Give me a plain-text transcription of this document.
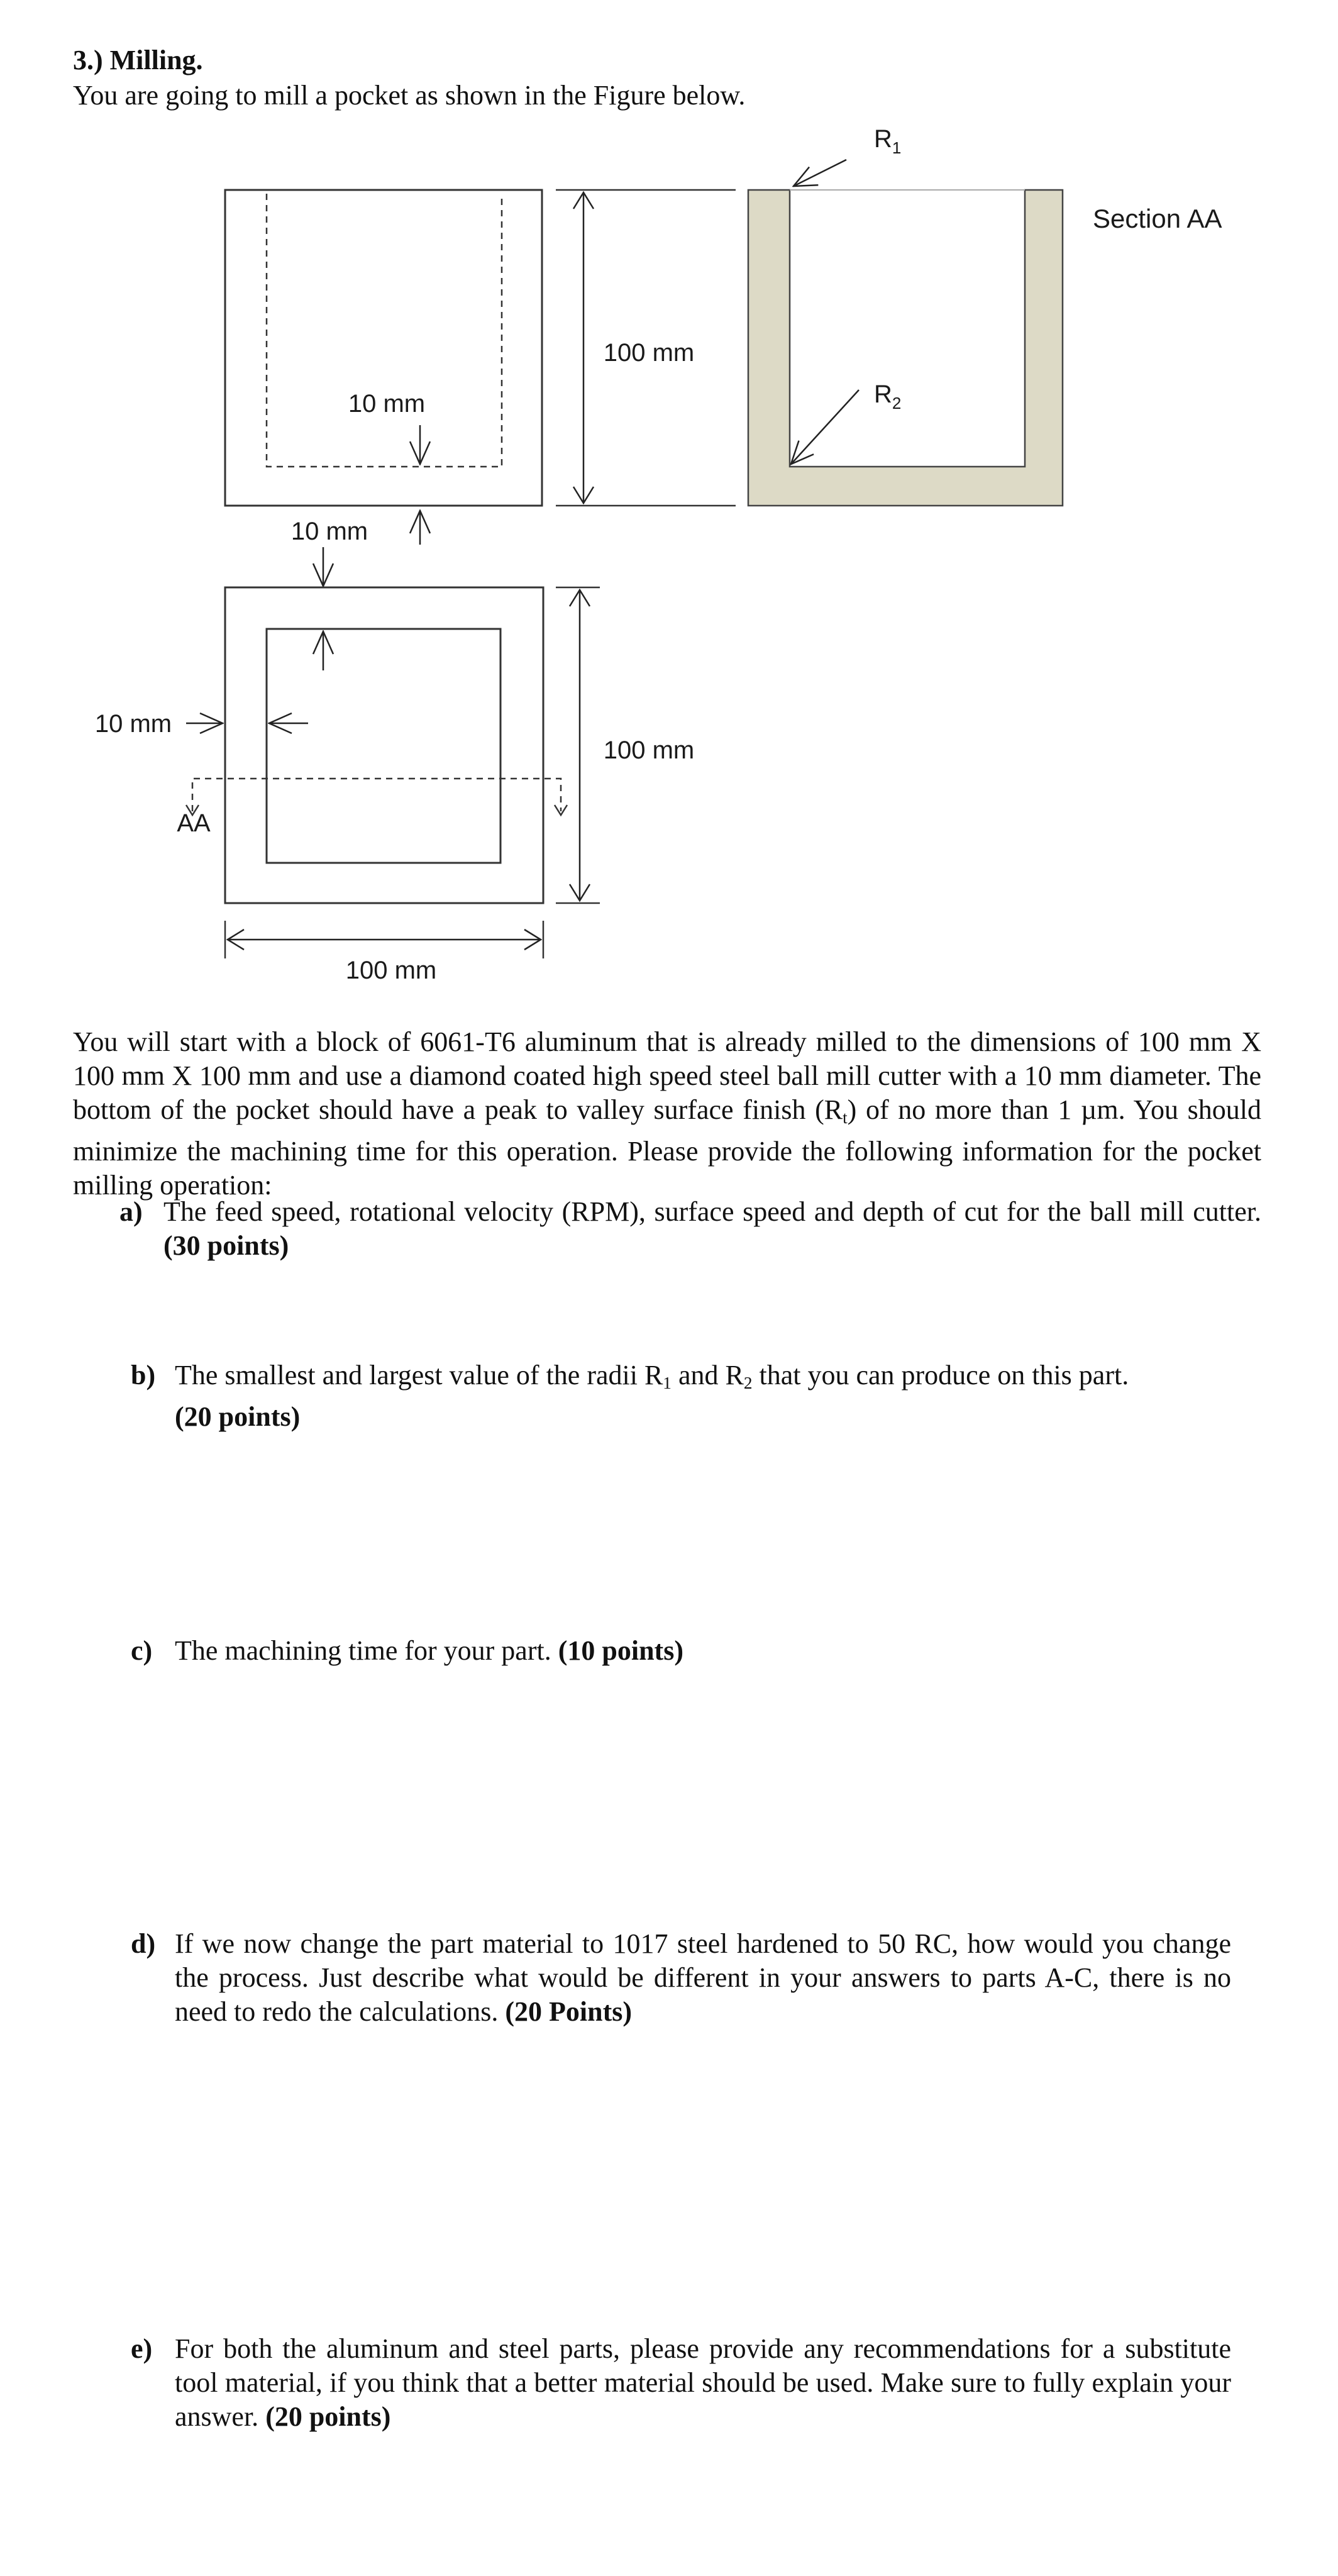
3.) Milling.
You are going to mill a pocket as shown in the Figure below.
10 mm
100 mm
$R_1$
$R_2$
Section AA
10 mm
10 mm
AA
100 mm
100 mm
You will start with a block of 6061-T6 aluminum that is already milled to the dimensions of 100 mm X 100 mm X 100 mm and use a diamond coated high speed steel ball mill cutter with a 10 mm diameter. The bottom of the pocket should have a peak to valley surface finish $(R_t)$ of no more than 1 µm. You should minimize the machining time for this operation. Please provide the following information for the pocket milling operation:
a) The feed speed, rotational velocity (RPM), surface speed and depth of cut for the ball mill cutter. (30 points)
b) The smallest and largest value of the radii $R_1$ and $R_2$ that you can produce on this part.
(20 points)
c) The machining time for your part. (10 points)
d) If we now change the part material to 1017 steel hardened to 50 RC, how would you change the process. Just describe what would be different in your answers to parts A-C, there is no need to redo the calculations. (20 Points)
e) For both the aluminum and steel parts, please provide any recommendations for a substitute tool material, if you think that a better material should be used. Make sure to fully explain your answer. (20 points)
